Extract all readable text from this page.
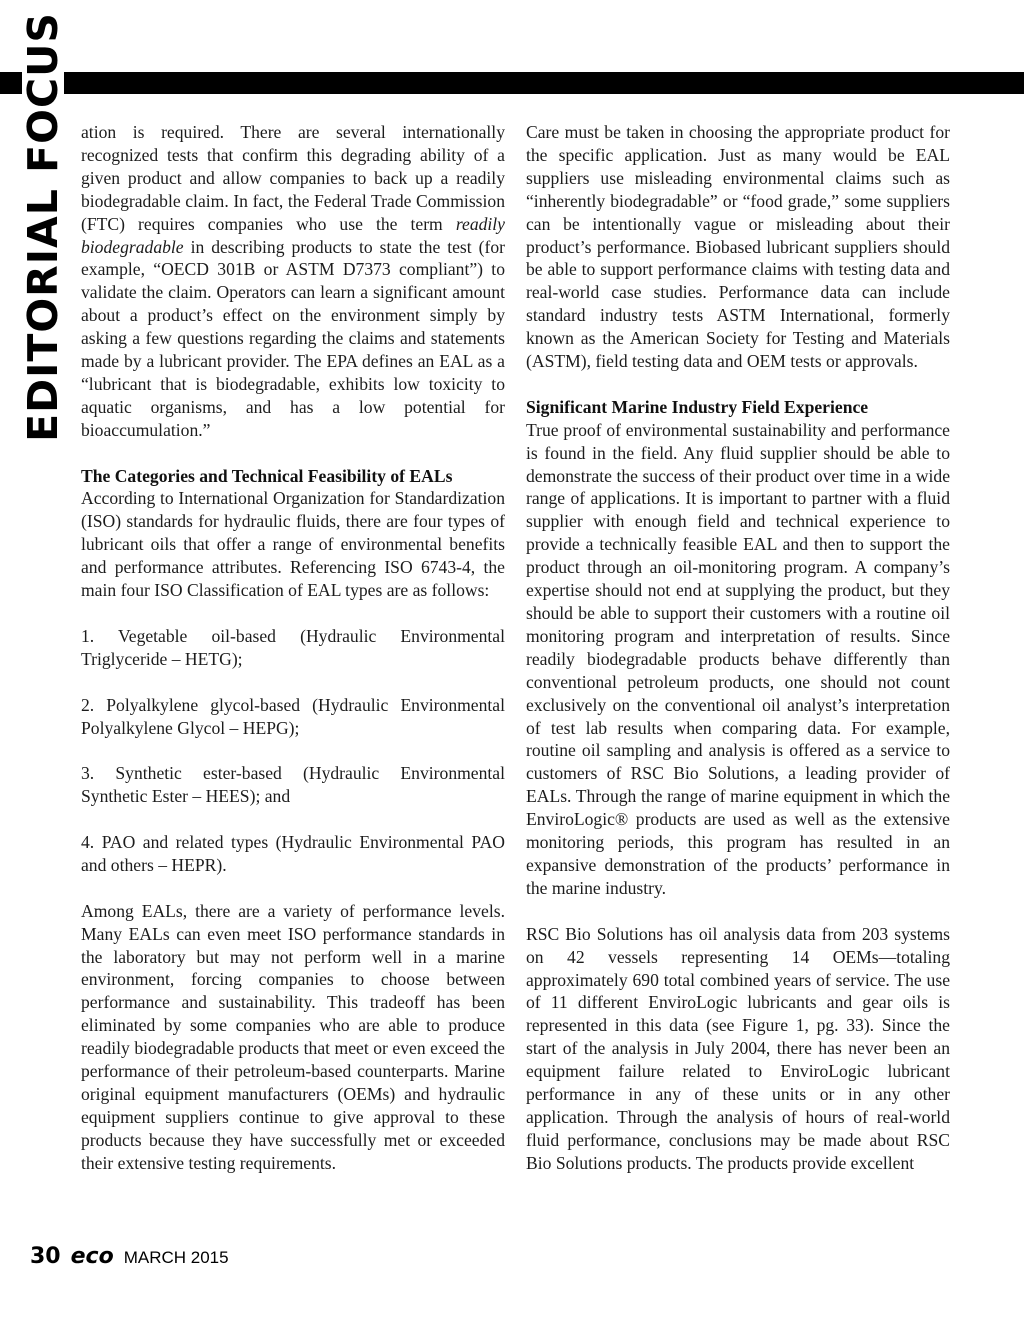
EDITORIAL FOCUS ation is required. There are several internationally recognized tests that confirm this degrading ability of a given product and allow companies to back up a readily biodegradable claim. In fact, the Federal Trade Commission (FTC) requires companies who use the term readily biodegradable in describing products to state the test (for example, “OECD 301B or ASTM D7373 compliant”) to validate the claim. Operators can learn a significant amount about a product’s effect on the environment simply by asking a few questions regarding the claims and statements made by a lubricant provider. The EPA defines an EAL as a “lubricant that is biodegradable, exhibits low toxicity to aquatic organisms, and has a low potential for bioaccumulation.”

The Categories and Technical Feasibility of EALs

According to International Organization for Standardization (ISO) standards for hydraulic fluids, there are four types of lubricant oils that offer a range of environmental benefits and performance attributes. Referencing ISO 6743-4, the main four ISO Classification of EAL types are as follows:

1. Vegetable oil-based (Hydraulic Environmental Triglyceride – HETG);

2. Polyalkylene glycol-based (Hydraulic Environmental Polyalkylene Glycol – HEPG);

3. Synthetic ester-based (Hydraulic Environmental Synthetic Ester – HEES); and

4. PAO and related types (Hydraulic Environmental PAO and others – HEPR).

Among EALs, there are a variety of performance levels. Many EALs can even meet ISO performance standards in the laboratory but may not perform well in a marine environment, forcing companies to choose between performance and sustainability. This tradeoff has been eliminated by some companies who are able to produce readily biodegradable products that meet or even exceed the performance of their petroleum-based counterparts. Marine original equipment manufacturers (OEMs) and hydraulic equipment suppliers continue to give approval to these products because they have successfully met or exceeded their extensive testing requirements.

Care must be taken in choosing the appropriate product for the specific application. Just as many would be EAL suppliers use misleading environmental claims such as “inherently biodegradable” or “food grade,” some suppliers can be intentionally vague or misleading about their product’s performance. Biobased lubricant suppliers should be able to support performance claims with testing data and real-world case studies. Performance data can include standard industry tests ASTM International, formerly known as the American Society for Testing and Materials (ASTM), field testing data and OEM tests or approvals.

Significant Marine Industry Field Experience

True proof of environmental sustainability and performance is found in the field. Any fluid supplier should be able to demonstrate the success of their product over time in a wide range of applications. It is important to partner with a fluid supplier with enough field and technical experience to provide a technically feasible EAL and then to support the product through an oil-monitoring program. A company’s expertise should not end at supplying the product, but they should be able to support their customers with a routine oil monitoring program and interpretation of results. Since readily biodegradable products behave differently than conventional petroleum products, one should not count exclusively on the conventional oil analyst’s interpretation of test lab results when comparing data. For example, routine oil sampling and analysis is offered as a service to customers of RSC Bio Solutions, a leading provider of EALs. Through the range of marine equipment in which the EnviroLogic® products are used as well as the extensive monitoring periods, this program has resulted in an expansive demonstration of the products’ performance in the marine industry.

RSC Bio Solutions has oil analysis data from 203 systems on 42 vessels representing 14 OEMs—totaling approximately 690 total combined years of service. The use of 11 different EnviroLogic lubricants and gear oils is represented in this data (see Figure 1, pg. 33). Since the start of the analysis in July 2004, there has never been an equipment failure related to EnviroLogic lubricant performance in any of these units or in any other application. Through the analysis of hours of real-world fluid performance, conclusions may be made about RSC Bio Solutions products. The products provide excellent

30 eco MARCH 2015
